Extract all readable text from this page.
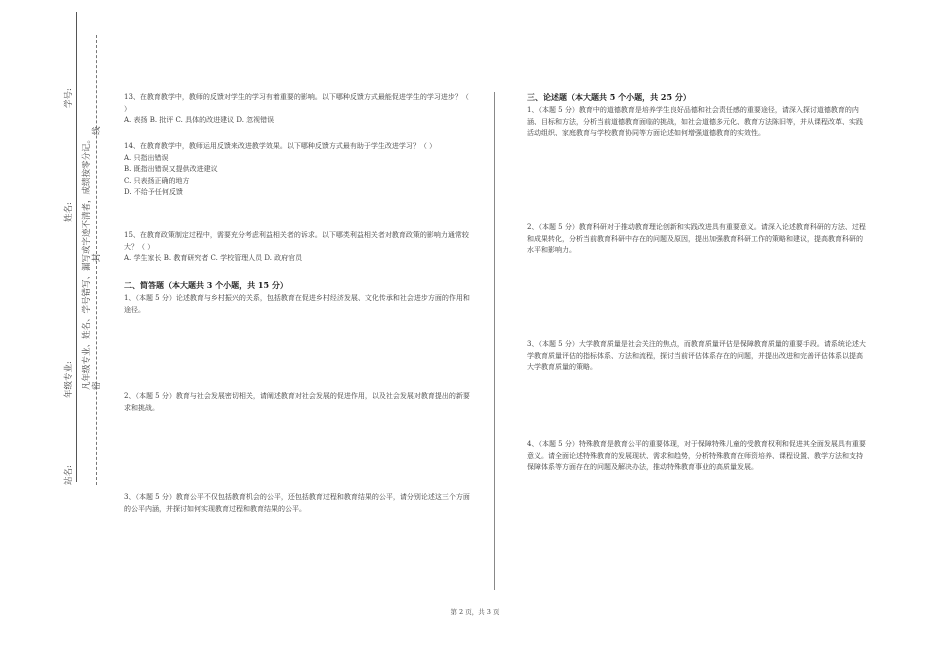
学号:
姓名:
年级专业:
站名:
凡年级专业、姓名、学号错写、漏写或字迹不清者，成绩按零分记。 密
封
线

13、在教育教学中，教师的反馈对学生的学习有着重要的影响。以下哪种反馈方式最能促进学生的学习进步？（ ）

A. 表扬 B. 批评 C. 具体的改进建议 D. 忽视错误

14、在教育教学中，教师运用反馈来改进教学效果。以下哪种反馈方式最有助于学生改进学习？（ ）

A. 只指出错误

B. 既指出错误又提供改进建议

C. 只表扬正确的地方

D. 不给予任何反馈

15、在教育政策制定过程中，需要充分考虑利益相关者的诉求。以下哪类利益相关者对教育政策的影响力通常较大？（ ）

A. 学生家长 B. 教育研究者 C. 学校管理人员 D. 政府官员

二、简答题（本大题共 3 个小题，共 15 分）
1、（本题 5 分）论述教育与乡村振兴的关系，包括教育在促进乡村经济发展、文化传承和社会进步方面的作用和途径。
2、（本题 5 分）教育与社会发展密切相关，请阐述教育对社会发展的促进作用，以及社会发展对教育提出的新要求和挑战。
3、（本题 5 分）教育公平不仅包括教育机会的公平，还包括教育过程和教育结果的公平，请分别论述这三个方面的公平内涵，并探讨如何实现教育过程和教育结果的公平。
三、论述题（本大题共 5 个小题，共 25 分）
1、（本题 5 分）教育中的道德教育是培养学生良好品德和社会责任感的重要途径，请深入探讨道德教育的内涵、目标和方法，分析当前道德教育面临的挑战，如社会道德多元化、教育方法陈旧等，并从课程改革、实践活动组织、家庭教育与学校教育协同等方面论述如何增强道德教育的实效性。
2、（本题 5 分）教育科研对于推动教育理论创新和实践改进具有重要意义。请深入论述教育科研的方法、过程和成果转化，分析当前教育科研中存在的问题及原因，提出加强教育科研工作的策略和建议，提高教育科研的水平和影响力。
3、（本题 5 分）大学教育质量是社会关注的焦点，而教育质量评估是保障教育质量的重要手段。请系统论述大学教育质量评估的指标体系、方法和流程，探讨当前评估体系存在的问题，并提出改进和完善评估体系以提高大学教育质量的策略。
4、（本题 5 分）特殊教育是教育公平的重要体现，对于保障特殊儿童的受教育权利和促进其全面发展具有重要意义。请全面论述特殊教育的发展现状、需求和趋势，分析特殊教育在师资培养、课程设置、教学方法和支持保障体系等方面存在的问题及解决办法，推动特殊教育事业的高质量发展。
第 2 页，共 3 页
